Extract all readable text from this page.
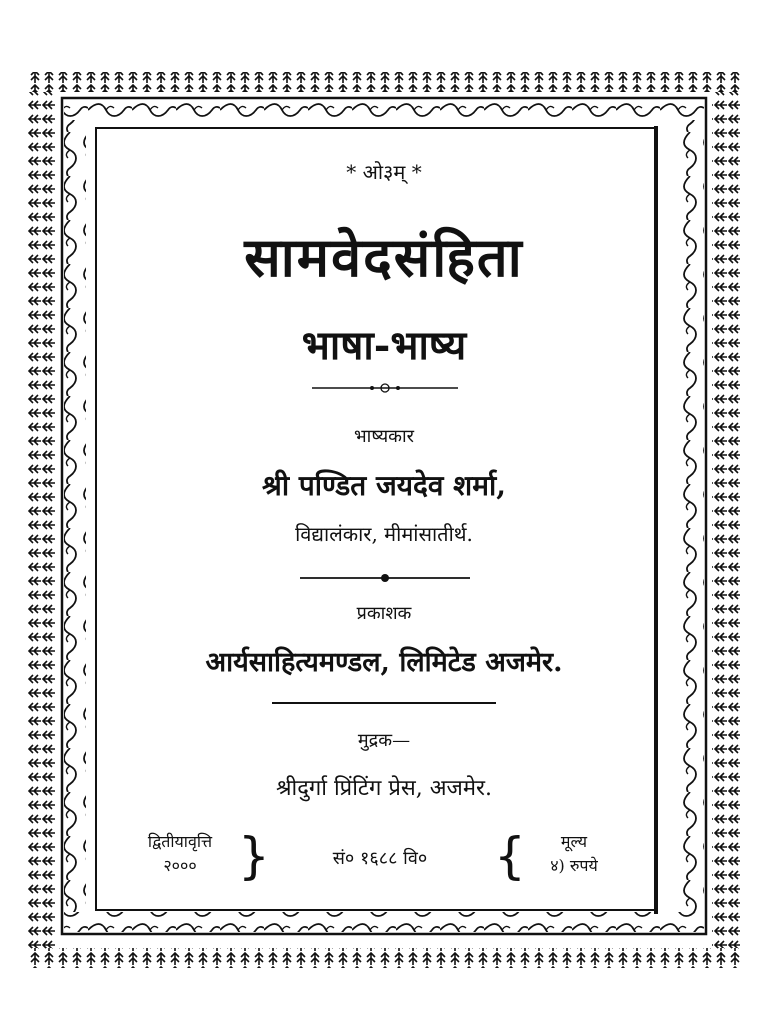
* ओ३म् *
सामवेदसंहिता
भाषा-भाष्य
भाष्यकार
श्री पण्डित जयदेव शर्मा,
विद्यालंकार, मीमांसातीर्थ.
प्रकाशक
आर्यसाहित्यमण्डल, लिमिटेड अजमेर.
मुद्रक—
श्रीदुर्गा प्रिंटिंग प्रेस, अजमेर.
द्वितीयावृत्ति
२००० }	सं० १६८८ वि०	{	मूल्य
४) रुपये
